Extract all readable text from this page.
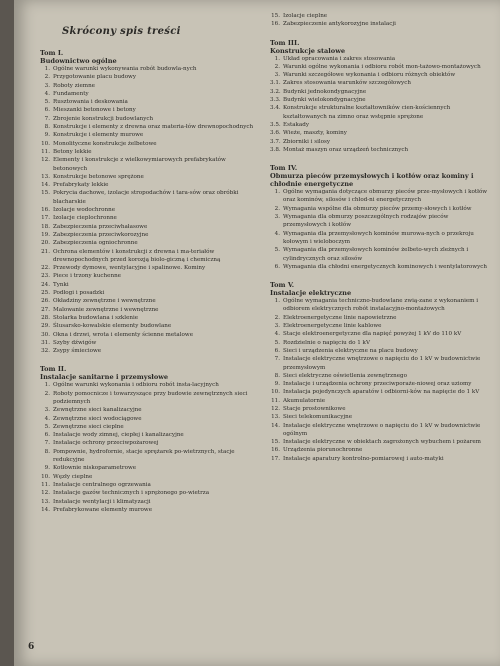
Skrócony spis treści
Tom I.
Budownictwo ogólne
1. Ogólne warunki wykonywania robót budowla-nych
2. Przygotowanie placu budowy
3. Roboty ziemne
4. Fundamenty
5. Rusztowania i deskowania
6. Mieszanki betonowe i betony
7. Zbrojenie konstrukcji budowlanych
8. Konstrukcje i elementy z drewna oraz materia-łów drewnopochodnych
9. Konstrukcje i elementy murowe
10. Monolityczne konstrukcje żelbetowe
11. Betony lekkie
12. Elementy i konstrukcje z wielkowymiarowych prefabrykatów betonowych
13. Konstrukcje betonowe sprężone
14. Prefabrykaty lekkie
15. Pokrycia dachowe, izolacje stropodachów i tara-sów oraz obróbki blacharskie
16. Izolacje wodochronne
17. Izolacje cieplochronne
18. Zabezpieczenia przeciwhałasowe
19. Zabezpieczenia przeciwkorozyjne
20. Zabezpieczenia ogniochronne
21. Ochrona elementów i konstrukcji z drewna i ma-teriałów drewnopochodnych przed korozją biolo-giczną i chemiczną
22. Przewody dymowe, wentylacyjne i spalinowe. Kominy
23. Piece i trzony kuchenne
24. Tynki
25. Podłogi i posadzki
26. Okładziny zewnętrzne i wewnętrzne
27. Malowanie zewnętrzne i wewnętrzne
28. Stolarka budowlana i szklenie
29. Ślusarsko-kowalskie elementy budowlane
30. Okna i drzwi, wrota i elementy ścienne metalowe
31. Szyby dźwigów
32. Zsypy śmieciowe
Tom II.
Instalacje sanitarne i przemysłowe
1. Ogólne warunki wykonania i odbioru robót insta-lacyjnych
2. Roboty pomocnicze i towarzyszące przy budowie zewnętrznych sieci podziemnych
3. Zewnętrzne sieci kanalizacyjne
4. Zewnętrzne sieci wodociągowe
5. Zewnętrzne sieci cieplne
6. Instalacje wody zimnej, ciepłej i kanalizacyjne
7. Instalacje ochrony przeciwpożarowej
8. Pompownie, hydrofornie, stacje sprężarek po-wietrznych, stacje redukcyjne
9. Kotłownie niskoparametrowe
10. Węzły cieplne
11. Instalacje centralnego ogrzewania
12. Instalacje gazów technicznych i sprężonego po-wietrza
13. Instalacje wentylacji i klimatyzacji
14. Prefabrykowane elementy murowe
15. Izolacje cieplne
16. Zabezpieczenie antykorozyjne instalacji
Tom III.
Konstrukcje stalowe
1. Układ opracowania i zakres stosowania
2. Warunki ogólne wykonania i odbioru robót mon-tażowo-montażowych
3. Warunki szczegółowe wykonania i odbioru różnych obiektów
3.1. Zakres stosowania warunków szczegółowych
3.2. Budynki jednokondygnacyjne
3.3. Budynki wielokondygnacyjne
3.4. Konstrukcje strukturalne kształtowników cien-kościennych kształtowanych na zimno oraz wstępnie sprężone
3.5. Estakady
3.6. Wieże, maszty, kominy
3.7. Zbiorniki i silosy
3.8. Montaż maszyn oraz urządzeń technicznych
Tom IV.
Obmurza pieców przemysłowych i kotłów oraz kominy i chłodnie energetyczne
1. Ogólne wymagania dotyczące obmurzy pieców prze-mysłowych i kotłów oraz kominów, silosów i chłod-ni energetycznych
2. Wymagania wspólne dla obmurzy pieców przemy-słowych i kotłów
3. Wymagania dla obmurzy poszczególnych rodzajów pieców przemysłowych i kotłów
4. Wymagania dla przemysłowych kominów murowa-nych o przekroju kołowym i wieloboczym
5. Wymagania dla przemysłowych kominów żelbeto-wych zleżnych i cylindrycznych oraz silosów
6. Wymagania dla chłodni energetycznych kominowych i wentylatorowych
Tom V.
Instalacje elektryczne
1. Ogólne wymagania techniczno-budowlane zwią-zane z wykonaniem i odbiorem elektrycznych robót instalacyjno-montażowych
2. Elektroenergetyczne linie napowietrzne
3. Elektroenergetyczne linie kablowe
4. Stacje elektroenergetyczne dla napięć powyżej 1 kV do 110 kV
5. Rozdzielnie o napięciu do 1 kV
6. Sieci i urządzenia elektryczne na placu budowy
7. Instalacje elektryczne wnętrzowe o napięciu do 1 kV w budownictwie przemysłowym
8. Sieci elektryczne oświetlenia zewnętrznego
9. Instalacje i urządzenia ochrony przeciwporaże-niowej oraz uziomy
10. Instalacja pojedynczych aparatów i odbiorni-ków na napięcie do 1 kV
11. Akumulatornie
12. Stacje prostownikowe
13. Sieci telekomunikacyjne
14. Instalacje elektryczne wnętrzowe o napięciu do 1 kV w budownictwie ogólnym
15. Instalacje elektryczne w obiektach zagrożonych wybuchem i pożarem
16. Urządzenia piorunochronne
17. Instalacje aparatury kontrolno-pomiarowej i auto-matyki
6
